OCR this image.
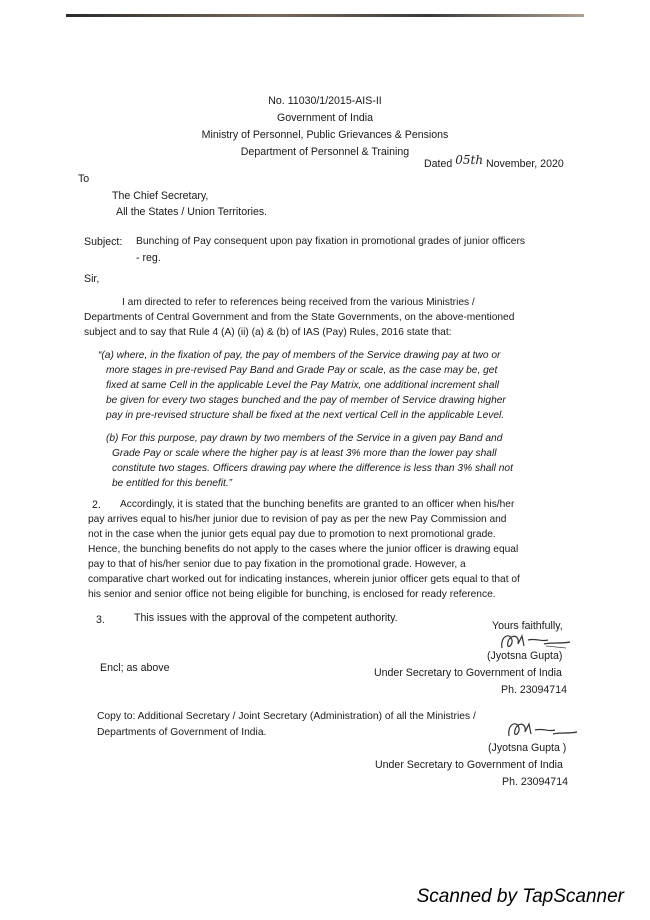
No. 11030/1/2015-AIS-II
Government of India
Ministry of Personnel, Public Grievances & Pensions
Department of Personnel & Training
Dated 05th November, 2020
To
The Chief Secretary,
All the States / Union Territories.
Subject: Bunching of Pay consequent upon pay fixation in promotional grades of junior officers
- reg.
Sir,
I am directed to refer to references being received from the various Ministries /
Departments of Central Government and from the State Governments, on the above-mentioned
subject and to say that Rule 4 (A) (ii) (a) & (b) of IAS (Pay) Rules, 2016 state that:
“(a) where, in the fixation of pay, the pay of members of the Service drawing pay at two or
more stages in pre-revised Pay Band and Grade Pay or scale, as the case may be, get
fixed at same Cell in the applicable Level the Pay Matrix, one additional increment shall
be given for every two stages bunched and the pay of member of Service drawing higher
pay in pre-revised structure shall be fixed at the next vertical Cell in the applicable Level.
(b) For this purpose, pay drawn by two members of the Service in a given pay Band and
Grade Pay or scale where the higher pay is at least 3% more than the lower pay shall
constitute two stages. Officers drawing pay where the difference is less than 3% shall not
be entitled for this benefit.”
2. Accordingly, it is stated that the bunching benefits are granted to an officer when his/her
pay arrives equal to his/her junior due to revision of pay as per the new Pay Commission and
not in the case when the junior gets equal pay due to promotion to next promotional grade.
Hence, the bunching benefits do not apply to the cases where the junior officer is drawing equal
pay to that of his/her senior due to pay fixation in the promotional grade. However, a
comparative chart worked out for indicating instances, wherein junior officer gets equal to that of
his senior and senior office not being eligible for bunching, is enclosed for ready reference.
3.	This issues with the approval of the competent authority.
Yours faithfully,
(Jyotsna Gupta)
Encl; as above	Under Secretary to Government of India
Ph. 23094714
Copy to: Additional Secretary / Joint Secretary (Administration) of all the Ministries /
Departments of Government of India.
(Jyotsna Gupta )
Under Secretary to Government of India
Ph. 23094714
Scanned by TapScanner
